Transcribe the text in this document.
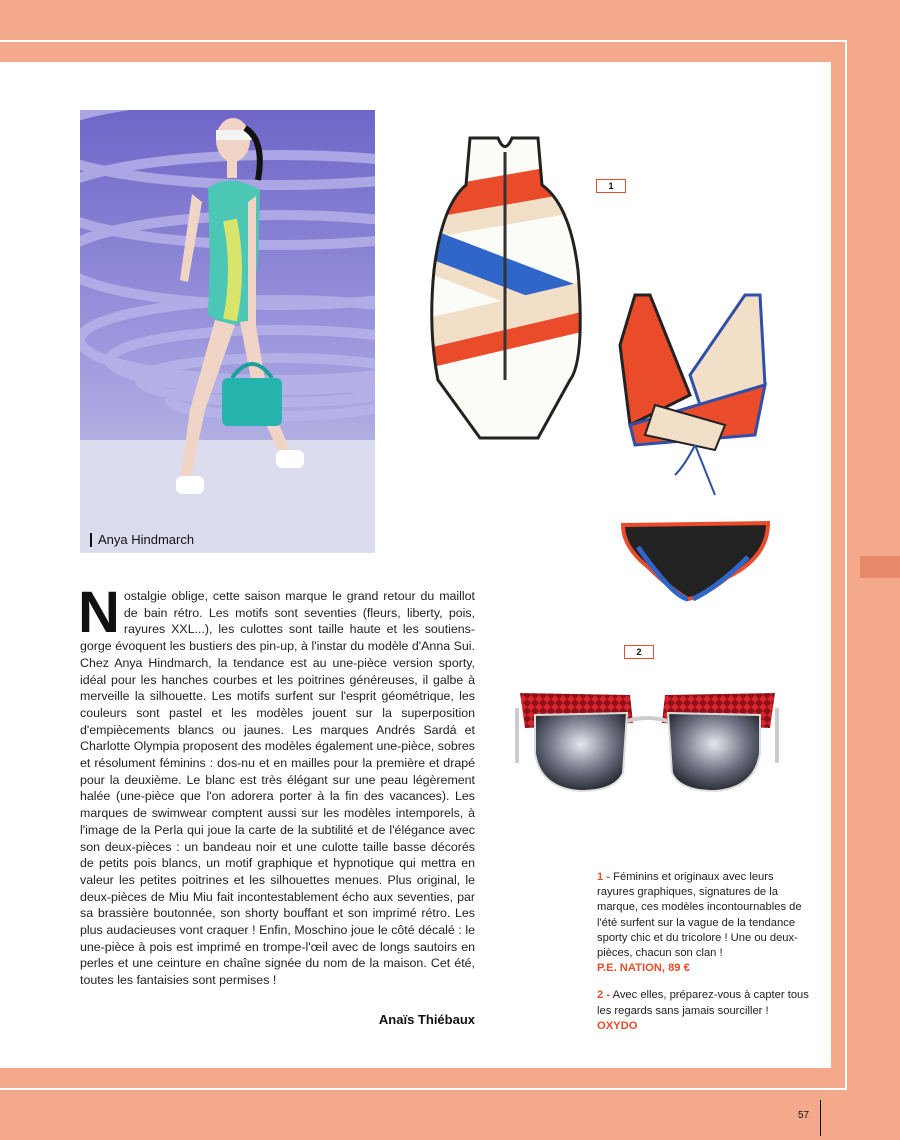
Anya Hindmarch
1
2
Nostalgie oblige, cette saison marque le grand retour du maillot de bain rétro. Les motifs sont seventies (fleurs, liberty, pois, rayures XXL...), les culottes sont taille haute et les soutiens-gorge évoquent les bustiers des pin-up, à l'instar du modèle d'Anna Sui. Chez Anya Hindmarch, la tendance est au une-pièce version sporty, idéal pour les hanches courbes et les poitrines généreuses, il galbe à merveille la silhouette. Les motifs surfent sur l'esprit géométrique, les couleurs sont pastel et les modèles jouent sur la superposition d'empiècements blancs ou jaunes. Les marques Andrés Sardá et Charlotte Olympia proposent des modèles également une-pièce, sobres et résolument féminins : dos-nu et en mailles pour la première et drapé pour la deuxième. Le blanc est très élégant sur une peau légèrement halée (une-pièce que l'on adorera porter à la fin des vacances). Les marques de swimwear comptent aussi sur les modèles intemporels, à l'image de la Perla qui joue la carte de la subtilité et de l'élégance avec son deux-pièces : un bandeau noir et une culotte taille basse décorés de petits pois blancs, un motif graphique et hypnotique qui mettra en valeur les petites poitrines et les silhouettes menues. Plus original, le deux-pièces de Miu Miu fait incontestablement écho aux seventies, par sa brassière boutonnée, son shorty bouffant et son imprimé rétro. Les plus audacieuses vont craquer ! Enfin, Moschino joue le côté décalé : le une-pièce à pois est imprimé en trompe-l'œil avec de longs sautoirs en perles et une ceinture en chaîne signée du nom de la maison. Cet été, toutes les fantaisies sont permises !
Anaïs Thiébaux

1 - Féminins et originaux avec leurs rayures graphiques, signatures de la marque, ces modèles incontournables de l'été surfent sur la vague de la tendance sporty chic et du tricolore ! Une ou deux-pièces, chacun son clan !
P.E. NATION, 89 €

2 - Avec elles, préparez-vous à capter tous les regards sans jamais sourciller !
OXYDO

57
